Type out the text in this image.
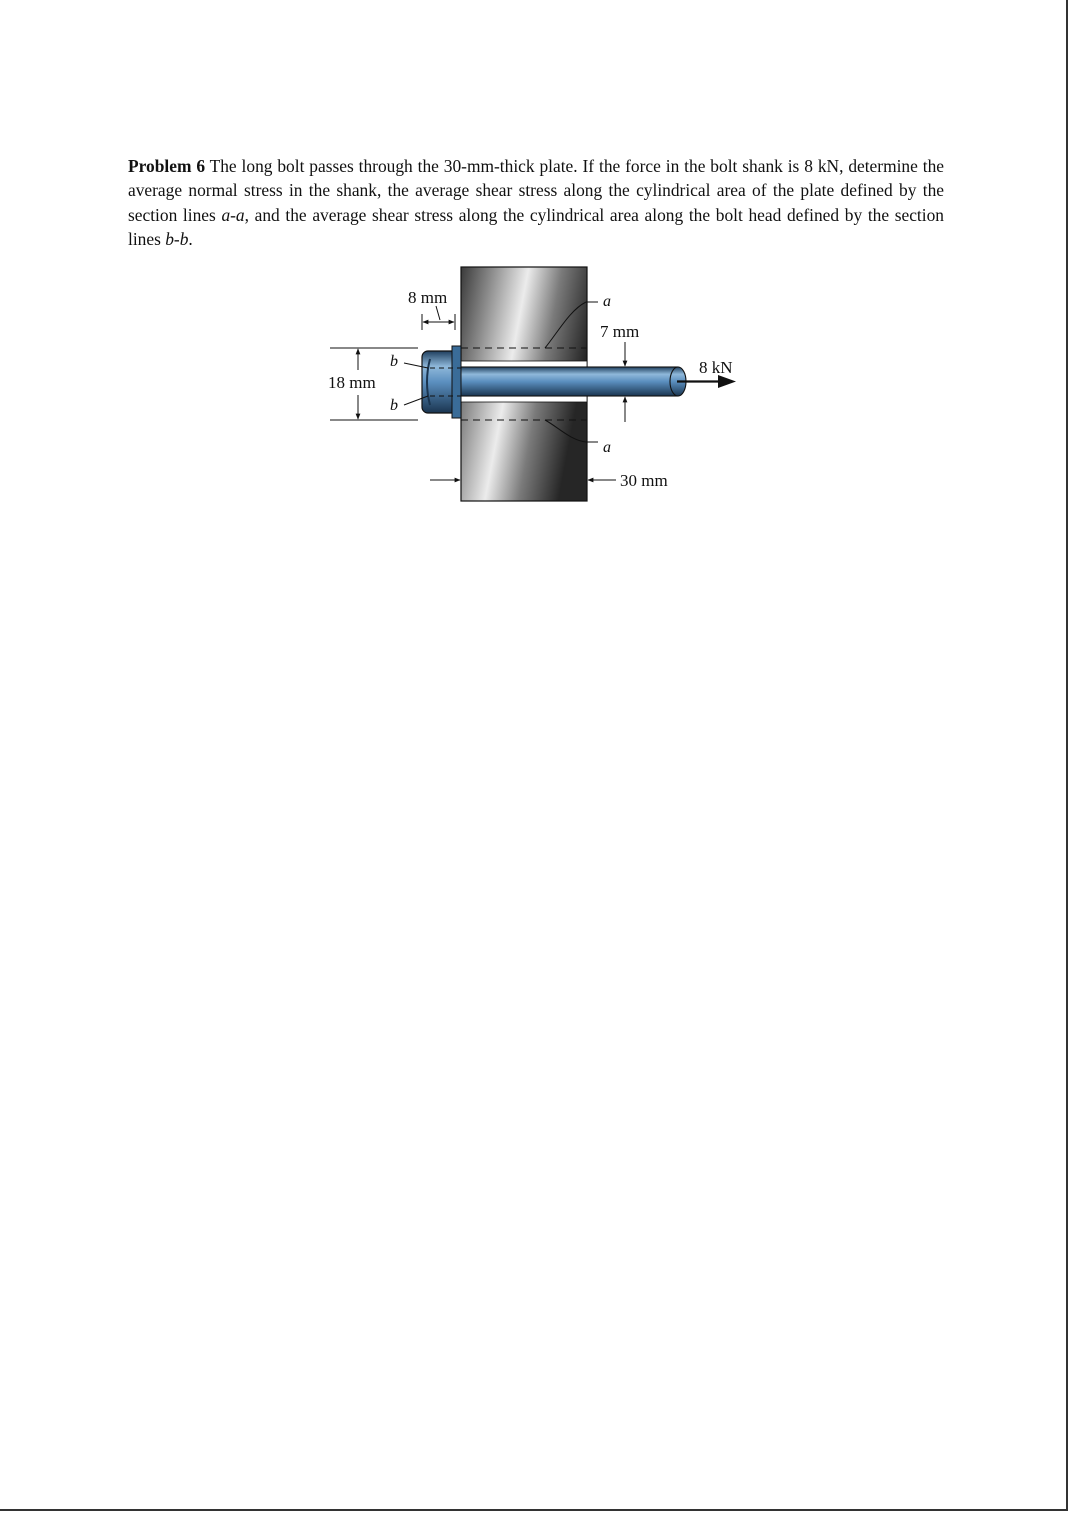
Problem 6 The long bolt passes through the 30-mm-thick plate. If the force in the bolt shank is 8 kN, determine the average normal stress in the shank, the average shear stress along the cylindrical area of the plate defined by the section lines a-a, and the average shear stress along the cylindrical area along the bolt head defined by the section lines b-b.

8 mm
7 mm
18 mm
b
b
a
a
8 kN
30 mm
